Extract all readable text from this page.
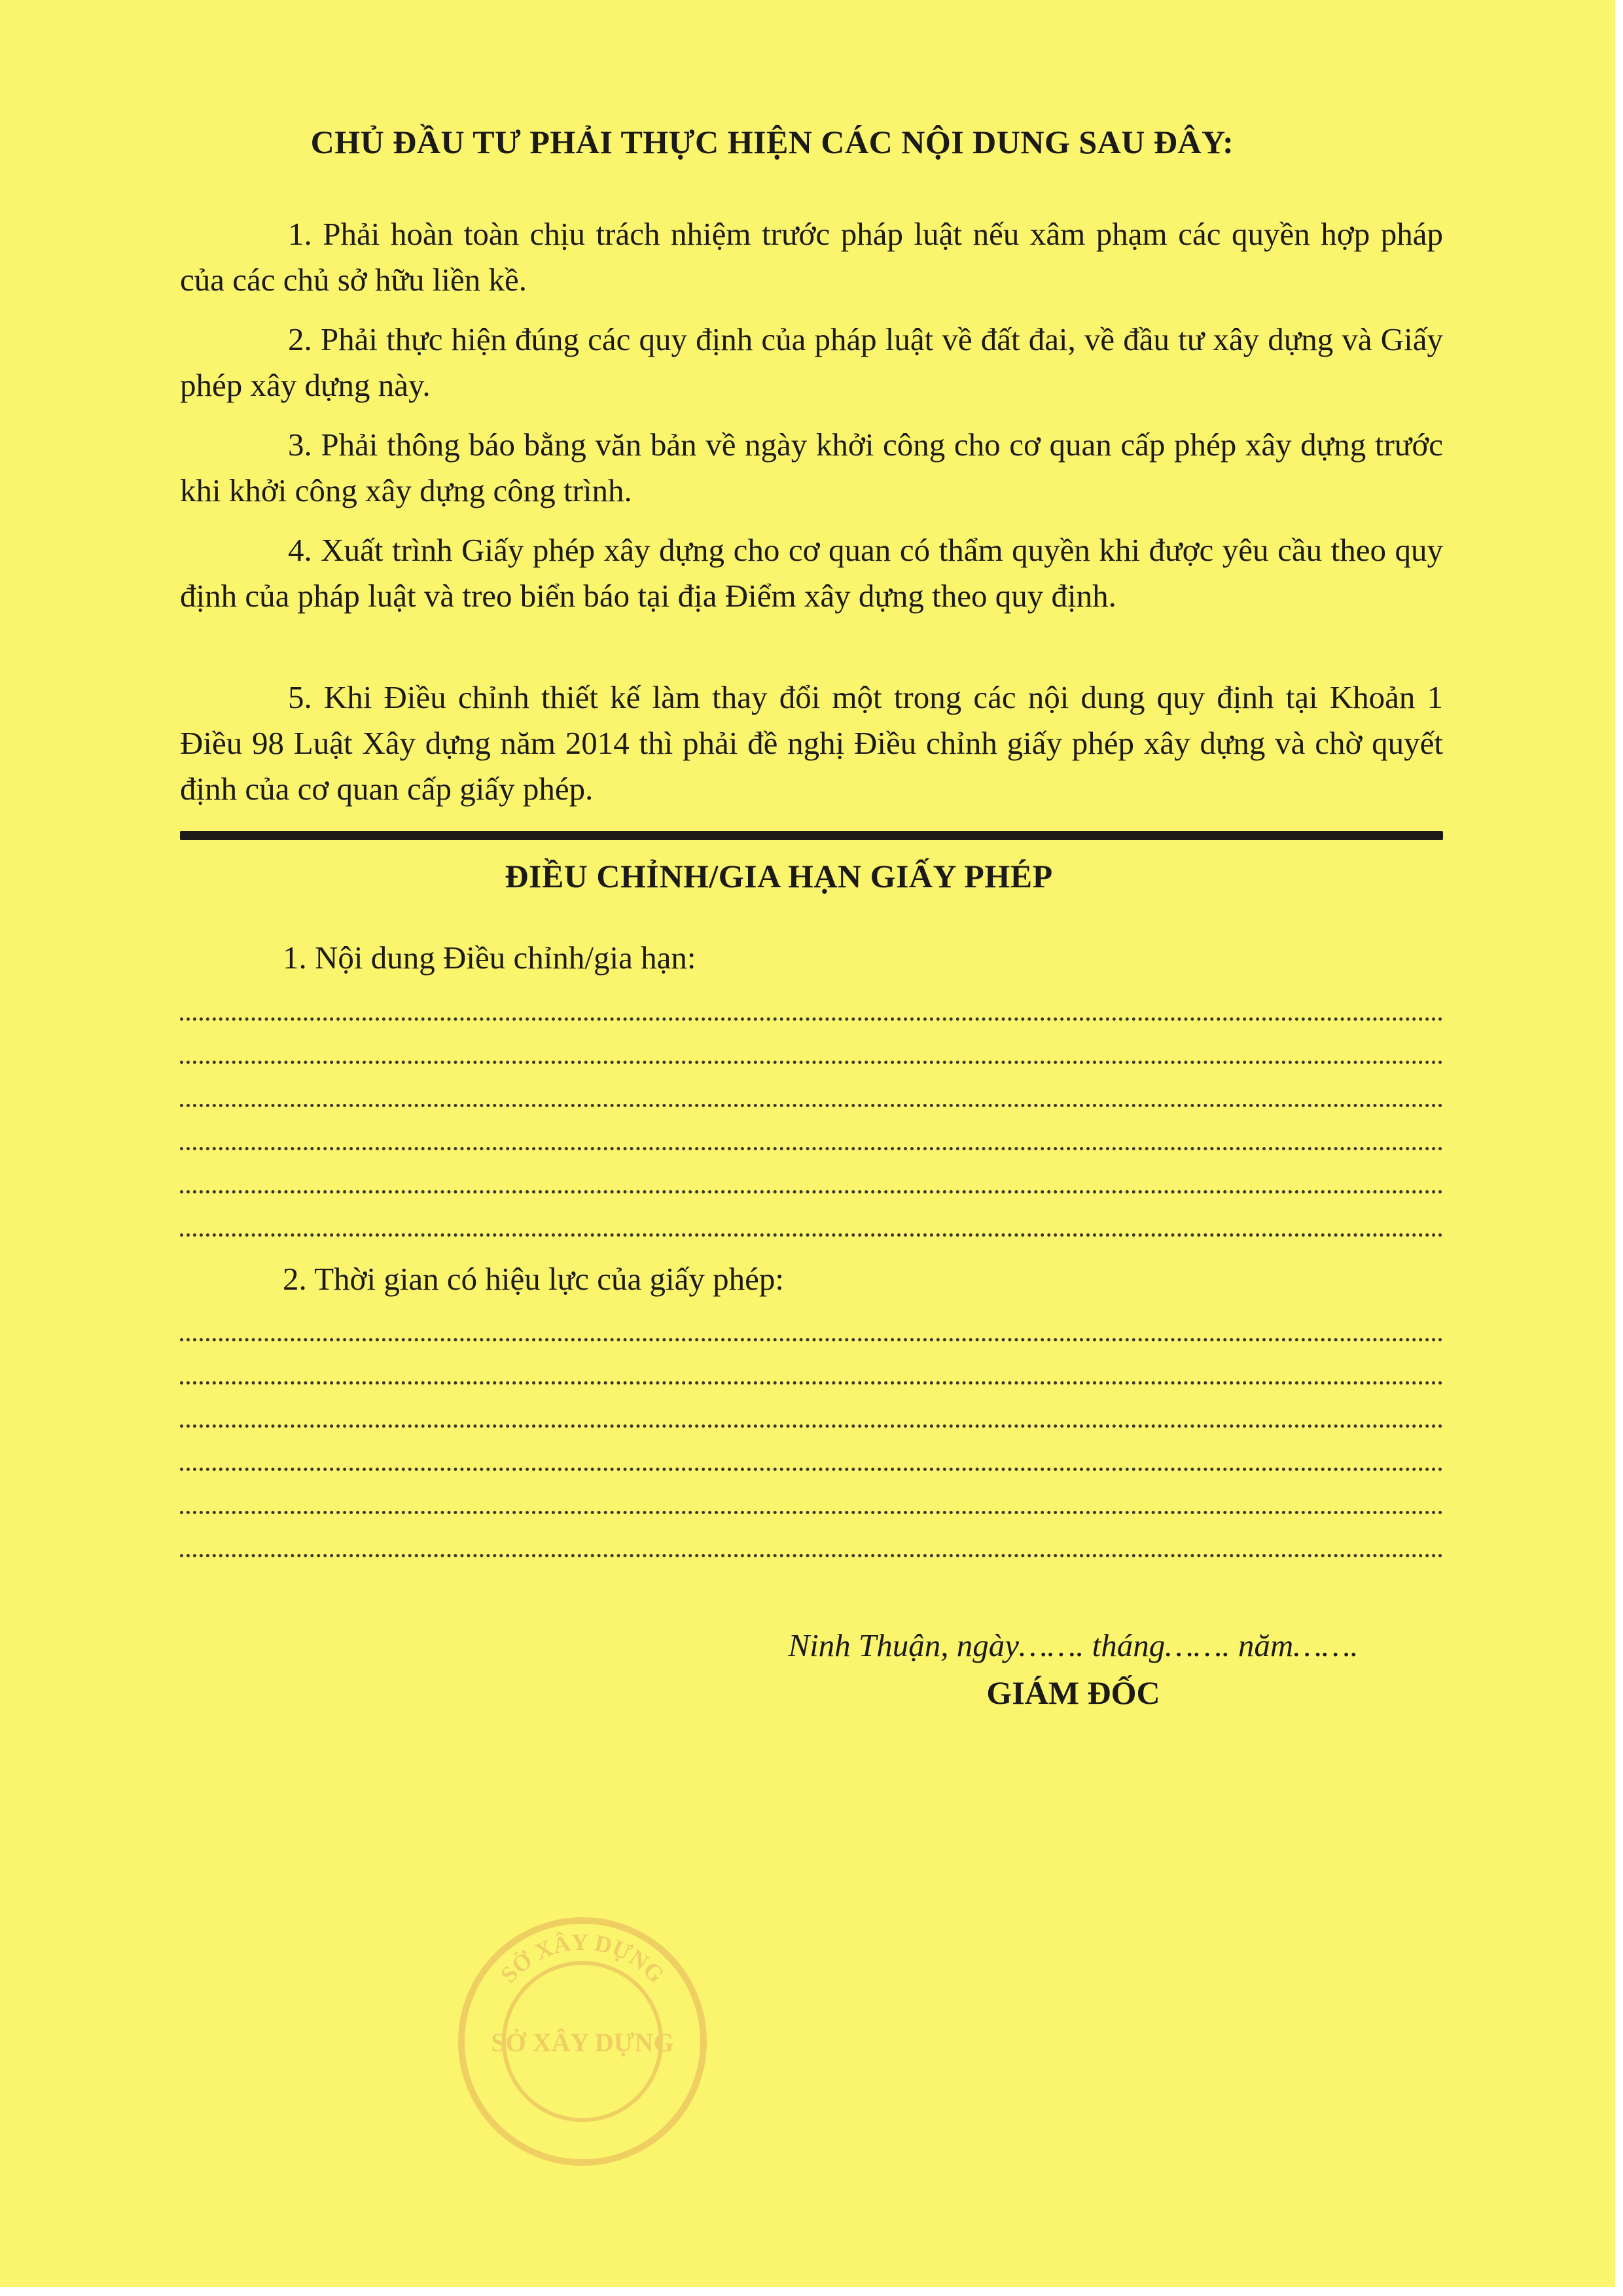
CHỦ ĐẦU TƯ PHẢI THỰC HIỆN CÁC NỘI DUNG SAU ĐÂY:
1. Phải hoàn toàn chịu trách nhiệm trước pháp luật nếu xâm phạm các quyền hợp pháp của các chủ sở hữu liền kề.
2. Phải thực hiện đúng các quy định của pháp luật về đất đai, về đầu tư xây dựng và Giấy phép xây dựng này.
3. Phải thông báo bằng văn bản về ngày khởi công cho cơ quan cấp phép xây dựng trước khi khởi công xây dựng công trình.
4. Xuất trình Giấy phép xây dựng cho cơ quan có thẩm quyền khi được yêu cầu theo quy định của pháp luật và treo biển báo tại địa Điểm xây dựng theo quy định.
5. Khi Điều chỉnh thiết kế làm thay đổi một trong các nội dung quy định tại Khoản 1 Điều 98 Luật Xây dựng năm 2014 thì phải đề nghị Điều chỉnh giấy phép xây dựng và chờ quyết định của cơ quan cấp giấy phép.
ĐIỀU CHỈNH/GIA HẠN GIẤY PHÉP
1. Nội dung Điều chỉnh/gia hạn:
2. Thời gian có hiệu lực của giấy phép:
Ninh Thuận, ngày……. tháng……. năm…….
GIÁM ĐỐC
SỞ XÂY DỰNG
SỞ XÂY DỰNG
